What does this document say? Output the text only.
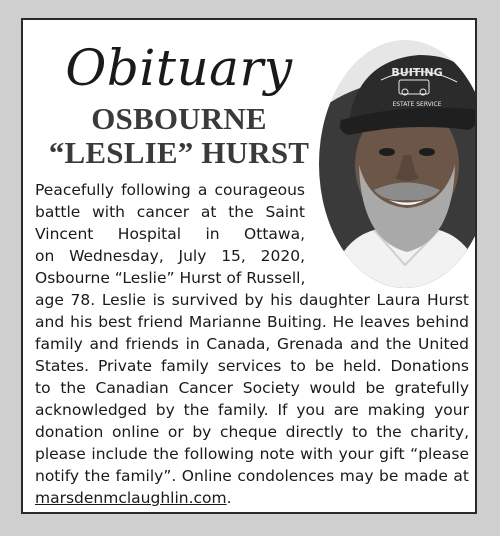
Obituary
OSBOURNE
“LESLIE” HURST
BUITING
ESTATE SERVICE

Peacefully following a courageous
battle with cancer at the Saint
Vincent Hospital in Ottawa,
on Wednesday, July 15, 2020,
Osbourne “Leslie” Hurst of Russell,

age 78. Leslie is survived by his daughter Laura Hurst
and his best friend Marianne Buiting. He leaves behind
family and friends in Canada, Grenada and the United
States. Private family services to be held. Donations
to the Canadian Cancer Society would be gratefully
acknowledged by the family. If you are making your
donation online or by cheque directly to the charity,
please include the following note with your gift “please
notify the family”. Online condolences may be made at
marsdenmclaughlin.com.
